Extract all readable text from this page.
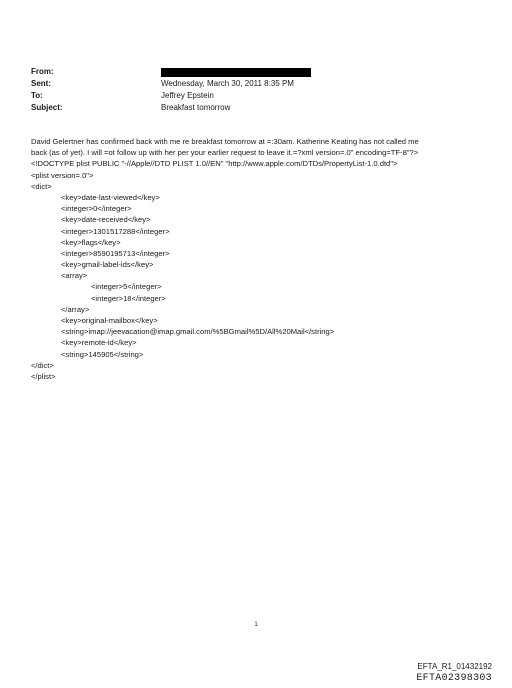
From:
Sent:	Wednesday, March 30, 2011 8:35 PM
To:	Jeffrey Epstein
Subject:	Breakfast tomorrow
David Gelertner has confirmed back with me re breakfast tomorrow at =:30am. Katherine Keating has not called me
back (as of yet). I will =ot follow up with her per your earlier request to leave it.=?xml version=.0" encoding=TF-8"?>
<!DOCTYPE plist PUBLIC "-//Apple//DTD PLIST 1.0//EN" "http://www.apple.com/DTDs/PropertyList-1.0.dtd">
<plist version=.0">
<dict>
<key>date-last-viewed</key>
<integer>0</integer>
<key>date-received</key>
<integer>1301517288</integer>
<key>flags</key>
<integer>8590195713</integer>
<key>gmail-label-ids</key>
<array>
<integer>5</integer>
<integer>18</integer>
</array>
<key>original-mailbox</key>
<string>imap://jeevacation@imap.gmail.com/%5BGmail%5D/All%20Mail</string>
<key>remote-id</key>
<string>145905</string>
</dict>
</plist>
1
EFTA_R1_01432192
EFTA02398303
